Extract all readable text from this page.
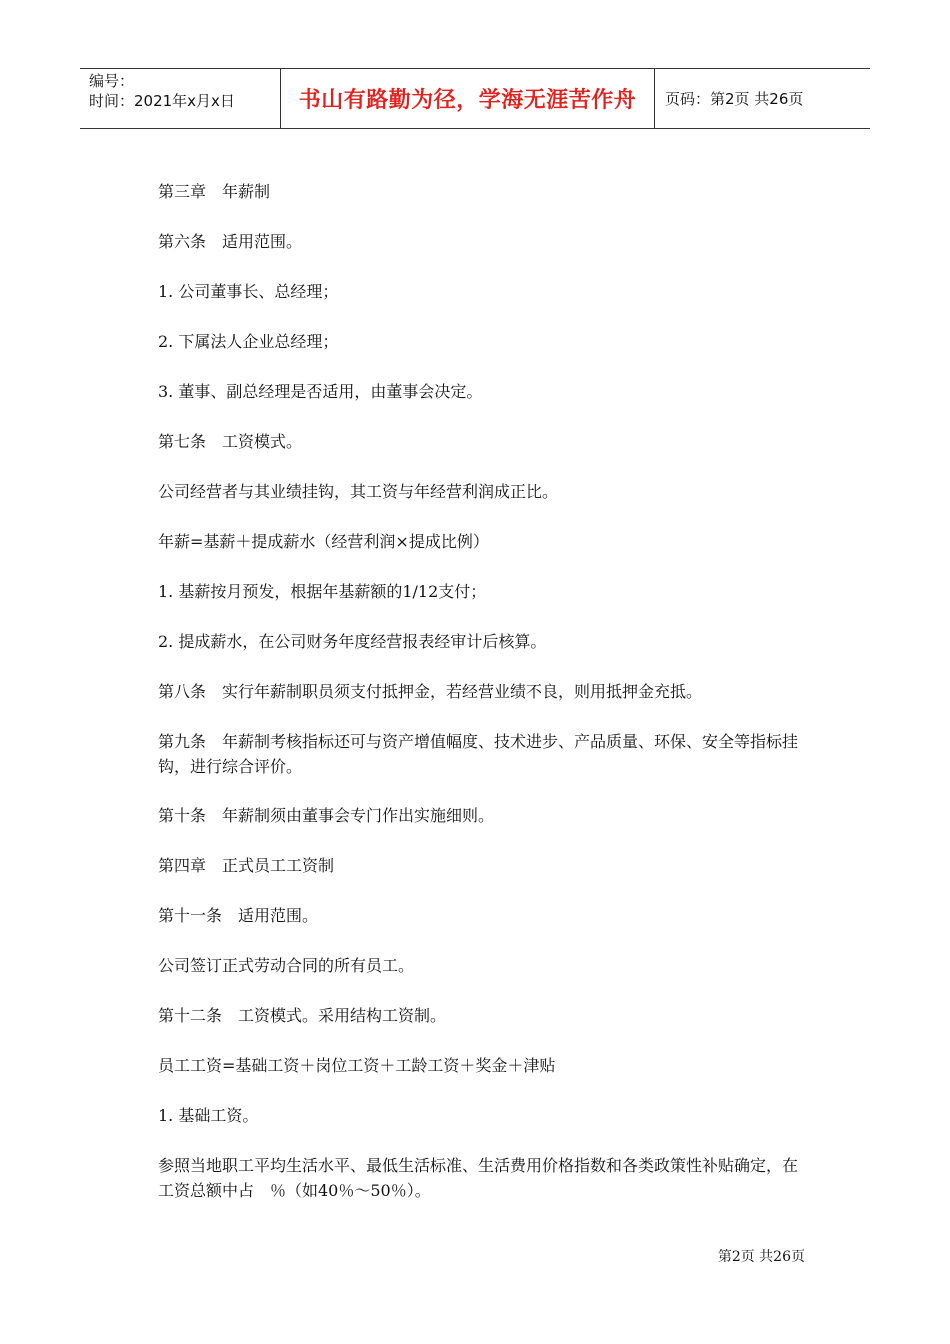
编号：
时间：2021年x月x日	书山有路勤为径，学海无涯苦作舟 页码：第2页 共26页

第三章　年薪制

第六条　适用范围。

1. 公司董事长、总经理；

2. 下属法人企业总经理；

3. 董事、副总经理是否适用，由董事会决定。

第七条　工资模式。

公司经营者与其业绩挂钩，其工资与年经营利润成正比。

年薪=基薪＋提成薪水（经营利润×提成比例）

1. 基薪按月预发，根据年基薪额的1/12支付；

2. 提成薪水，在公司财务年度经营报表经审计后核算。

第八条　实行年薪制职员须支付抵押金，若经营业绩不良，则用抵押金充抵。

第九条　年薪制考核指标还可与资产增值幅度、技术进步、产品质量、环保、安全等指标挂钩，进行综合评价。

第十条　年薪制须由董事会专门作出实施细则。

第四章　正式员工工资制

第十一条　适用范围。

公司签订正式劳动合同的所有员工。

第十二条　工资模式。采用结构工资制。

员工工资=基础工资＋岗位工资＋工龄工资＋奖金＋津贴

1. 基础工资。

参照当地职工平均生活水平、最低生活标准、生活费用价格指数和各类政策性补贴确定，在工资总额中占　％（如40％～50％）。

第2页 共26页
